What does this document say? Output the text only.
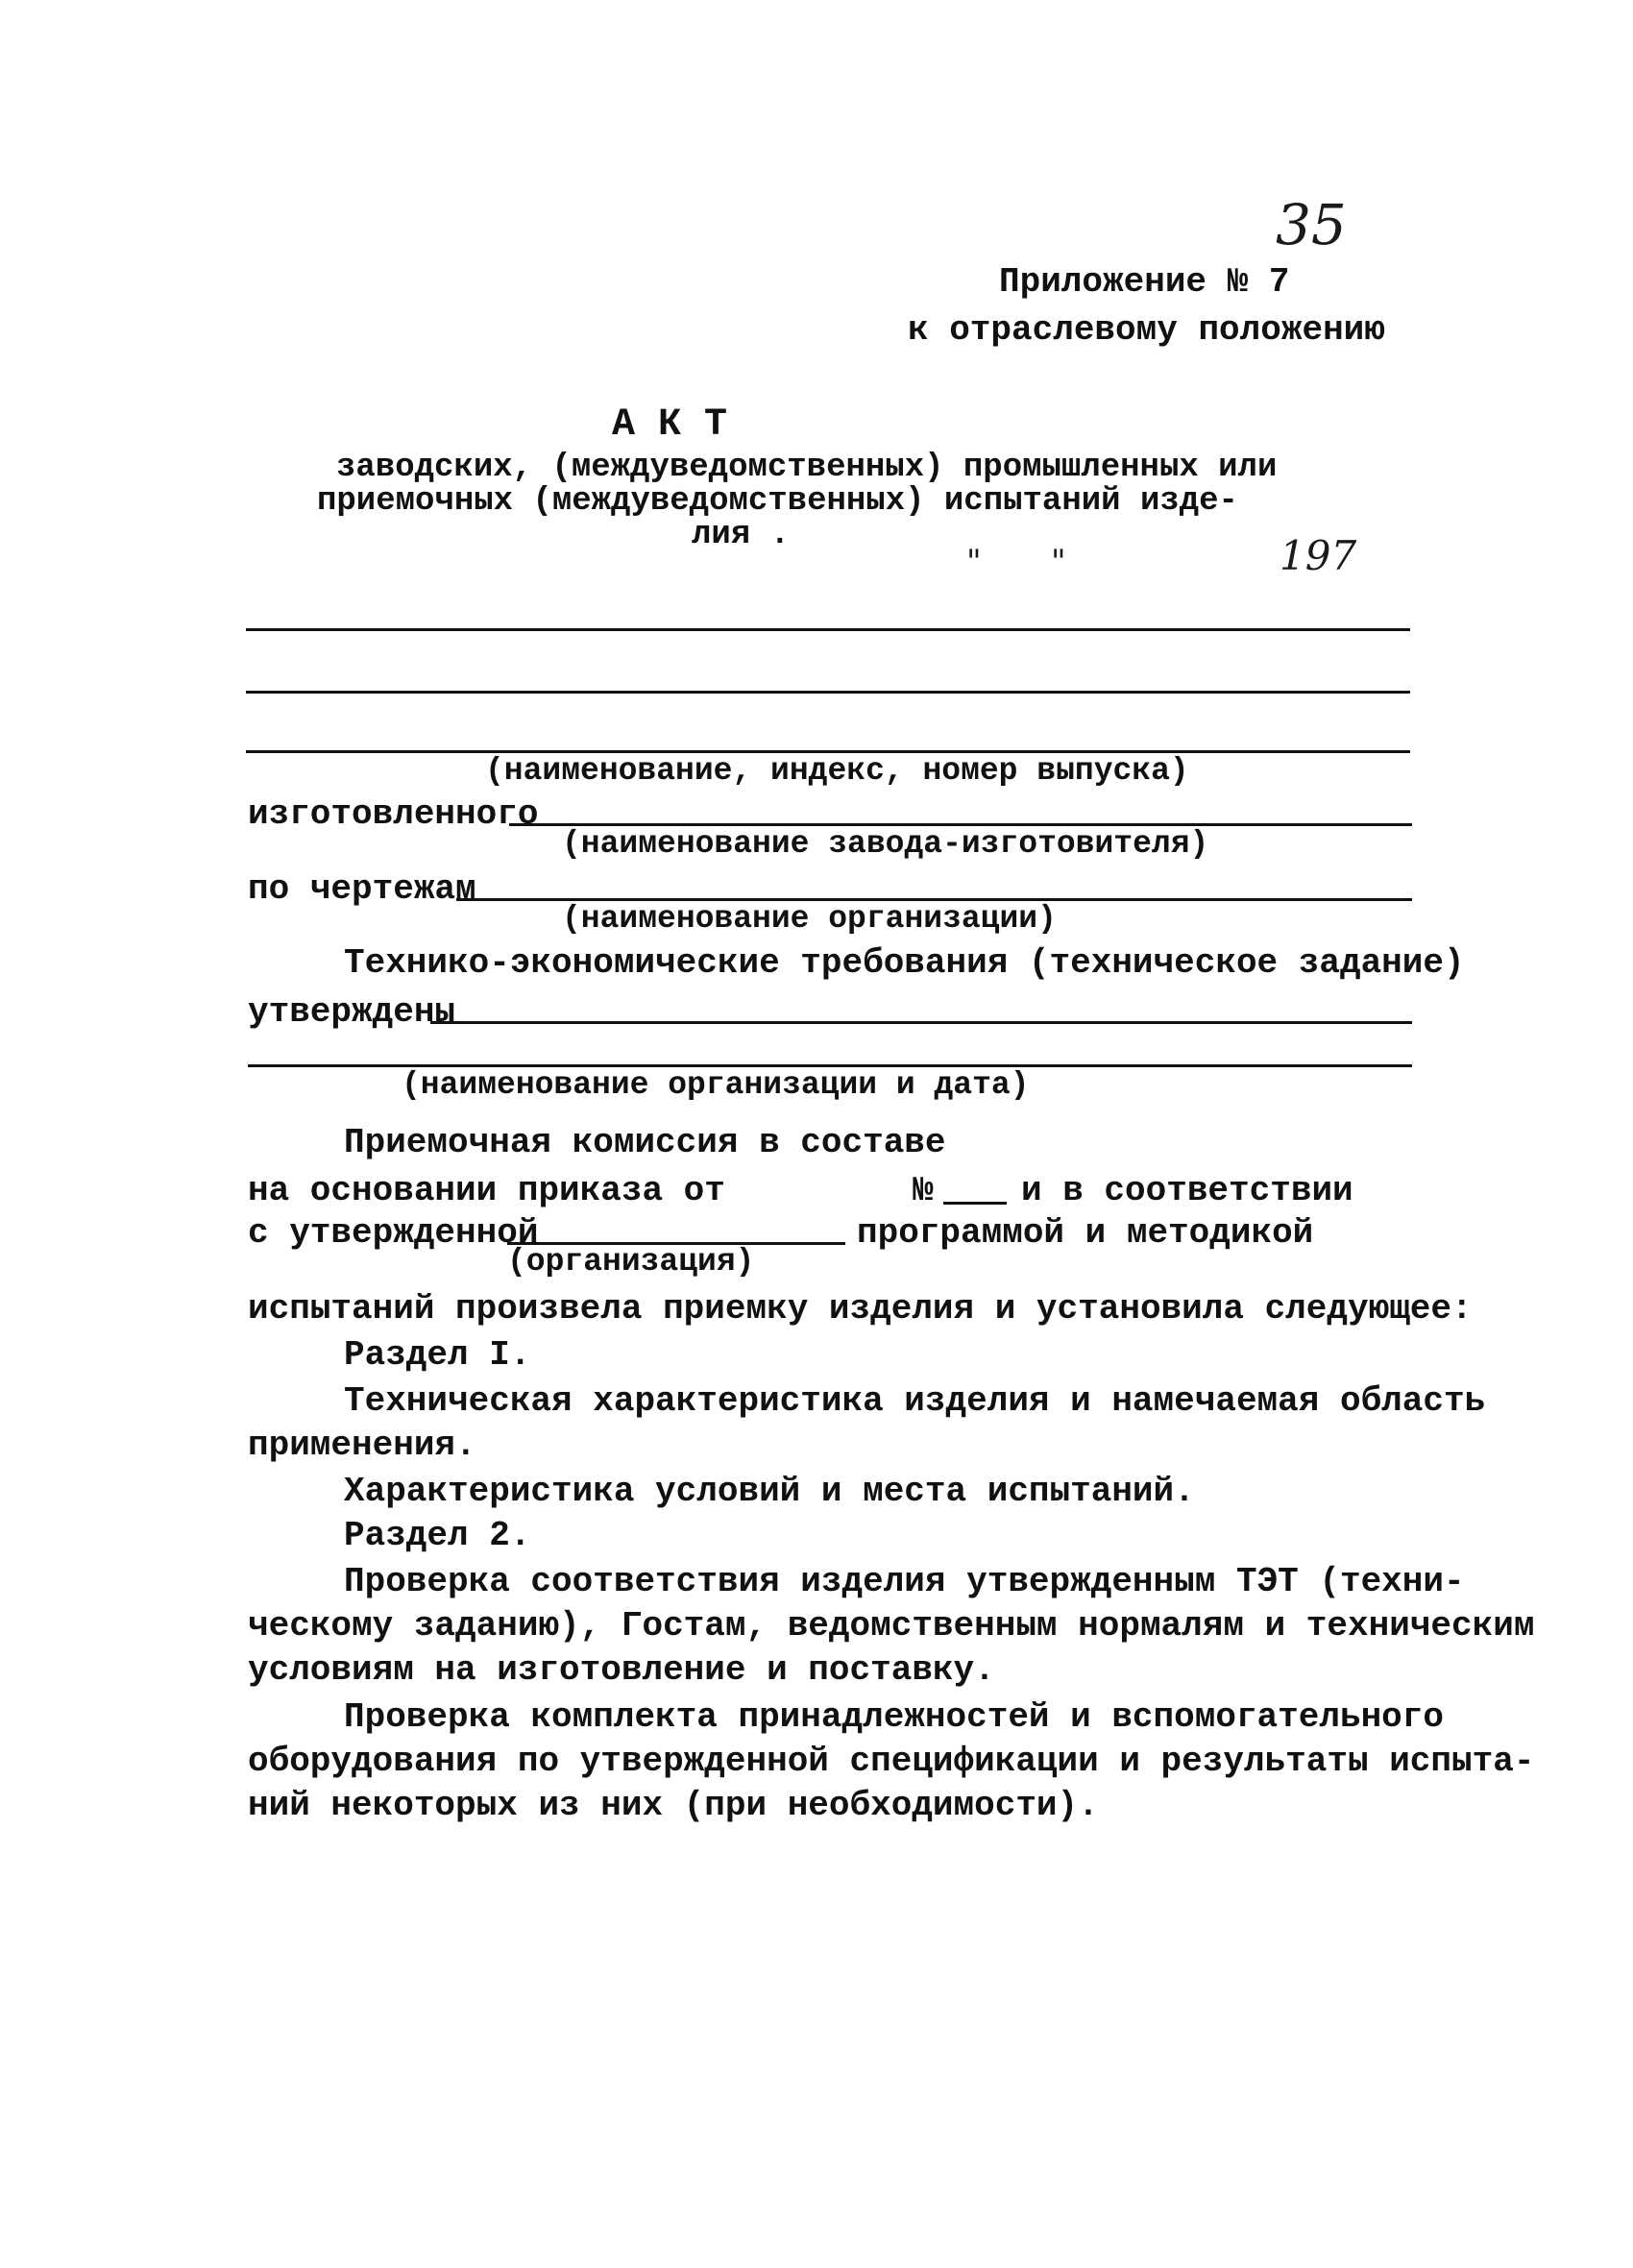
35
Приложение № 7
к отраслевому положению
А К Т
заводских, (междуведомственных) промышленных или
приемочных (междуведомственных) испытаний изде-
лия .
" "	197
(наименование, индекс, номер выпуска)
изготовленного
(наименование завода-изготовителя)
по чертежам
(наименование организации)
Технико-экономические требования (техническое задание)
утверждены
(наименование организации и дата)
Приемочная комиссия в составе
на основании приказа от	№	и в соответствии
с утвержденной	программой и методикой
(организация)
испытаний произвела приемку изделия и установила следующее:
Раздел I.
Техническая характеристика изделия и намечаемая область
применения.
Характеристика условий и места испытаний.
Раздел 2.
Проверка соответствия изделия утвержденным ТЭТ (техни-
ческому заданию), Гостам, ведомственным нормалям и техническим
условиям на изготовление и поставку.
Проверка комплекта принадлежностей и вспомогательного
оборудования по утвержденной спецификации и результаты испыта-
ний некоторых из них (при необходимости).
